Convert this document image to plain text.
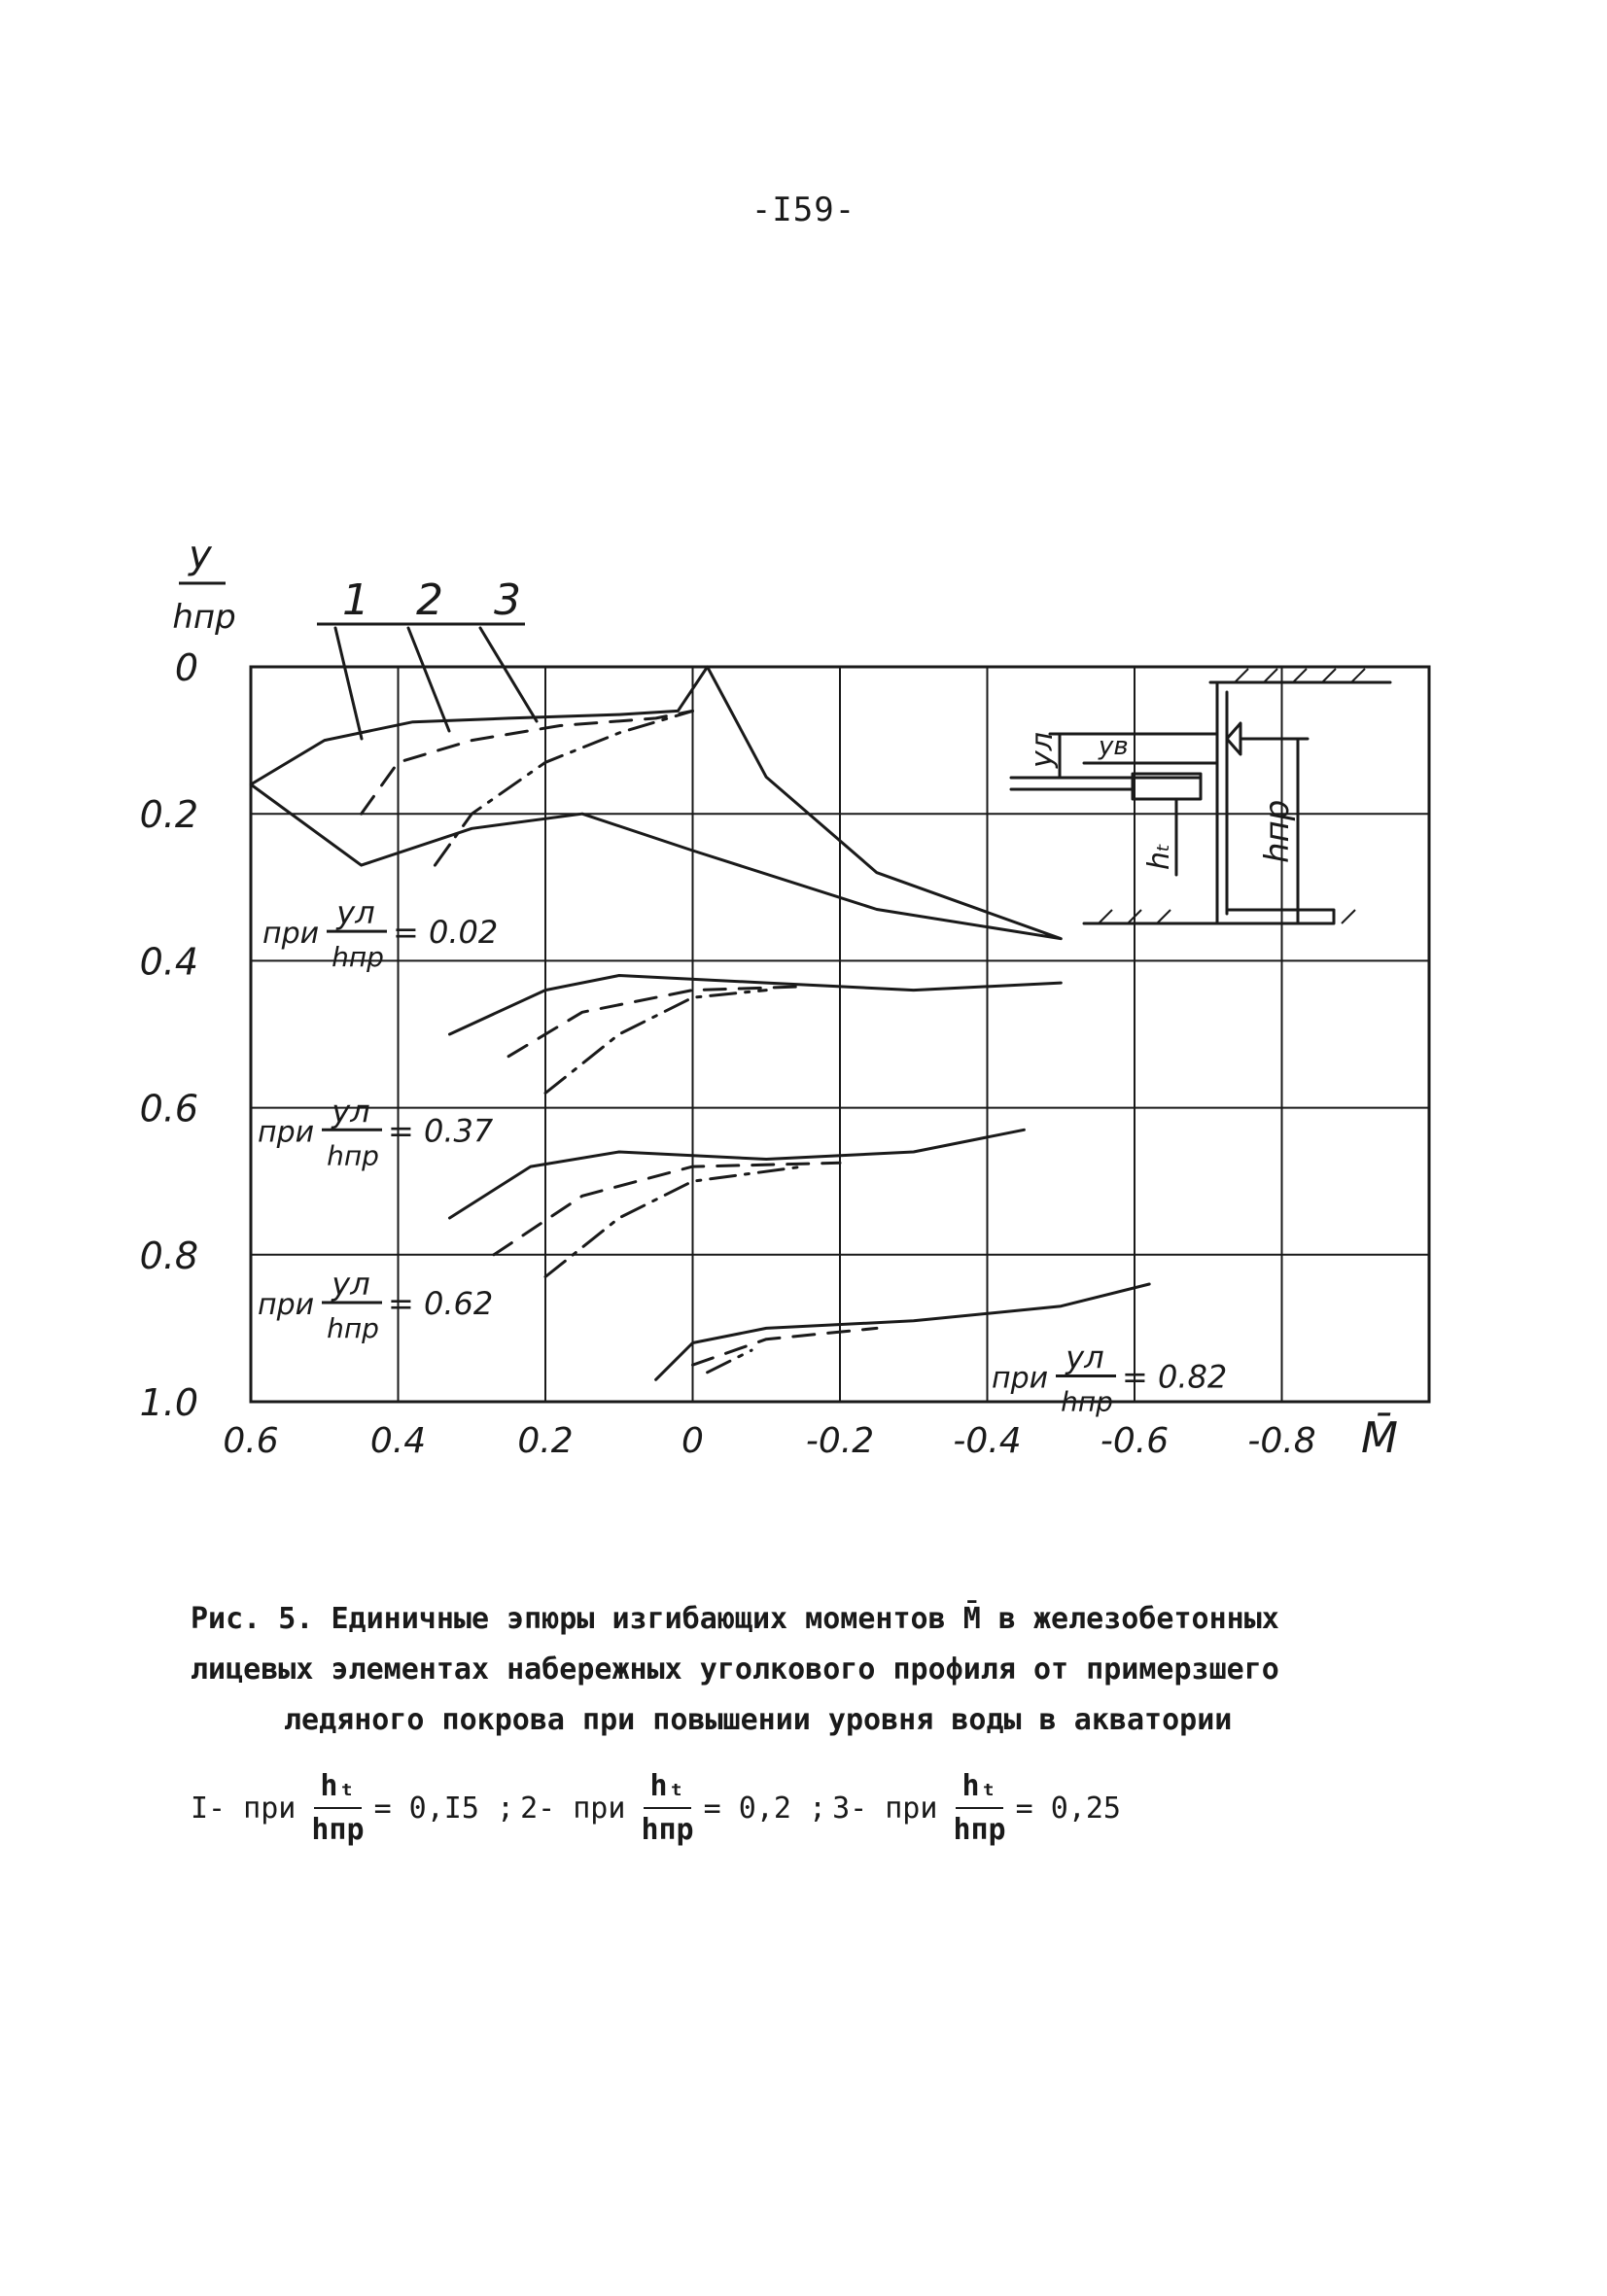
-I59-
y
hпр
M̄
0.6	0.4	0.2	0	-0.2 -0.4 -0.6 -0.8
0
0.2
0.4
0.6
0.8
1.0
1 2 3
при
yл
hпр
= 0.02
при
yл
hпр
= 0.37
при
yл
hпр
= 0.62
при
yл
hпр
= 0.82
yл yв
hₜ hпр
Рис. 5. Единичные эпюры изгибающих моментов M̄ в железобетонных
лицевых элементах набережных уголкового профиля от примерзшего
ледяного покрова при повышении уровня воды в акватории
I- при $\frac{\text{hₜ}}{\text{hпр}} = 0,I5$ ; 2- при $\frac{\text{hₜ}}{\text{hпр}} = 0,2$ ; 3- при $\frac{\text{hₜ}}{\text{hпр}} = 0,25$
